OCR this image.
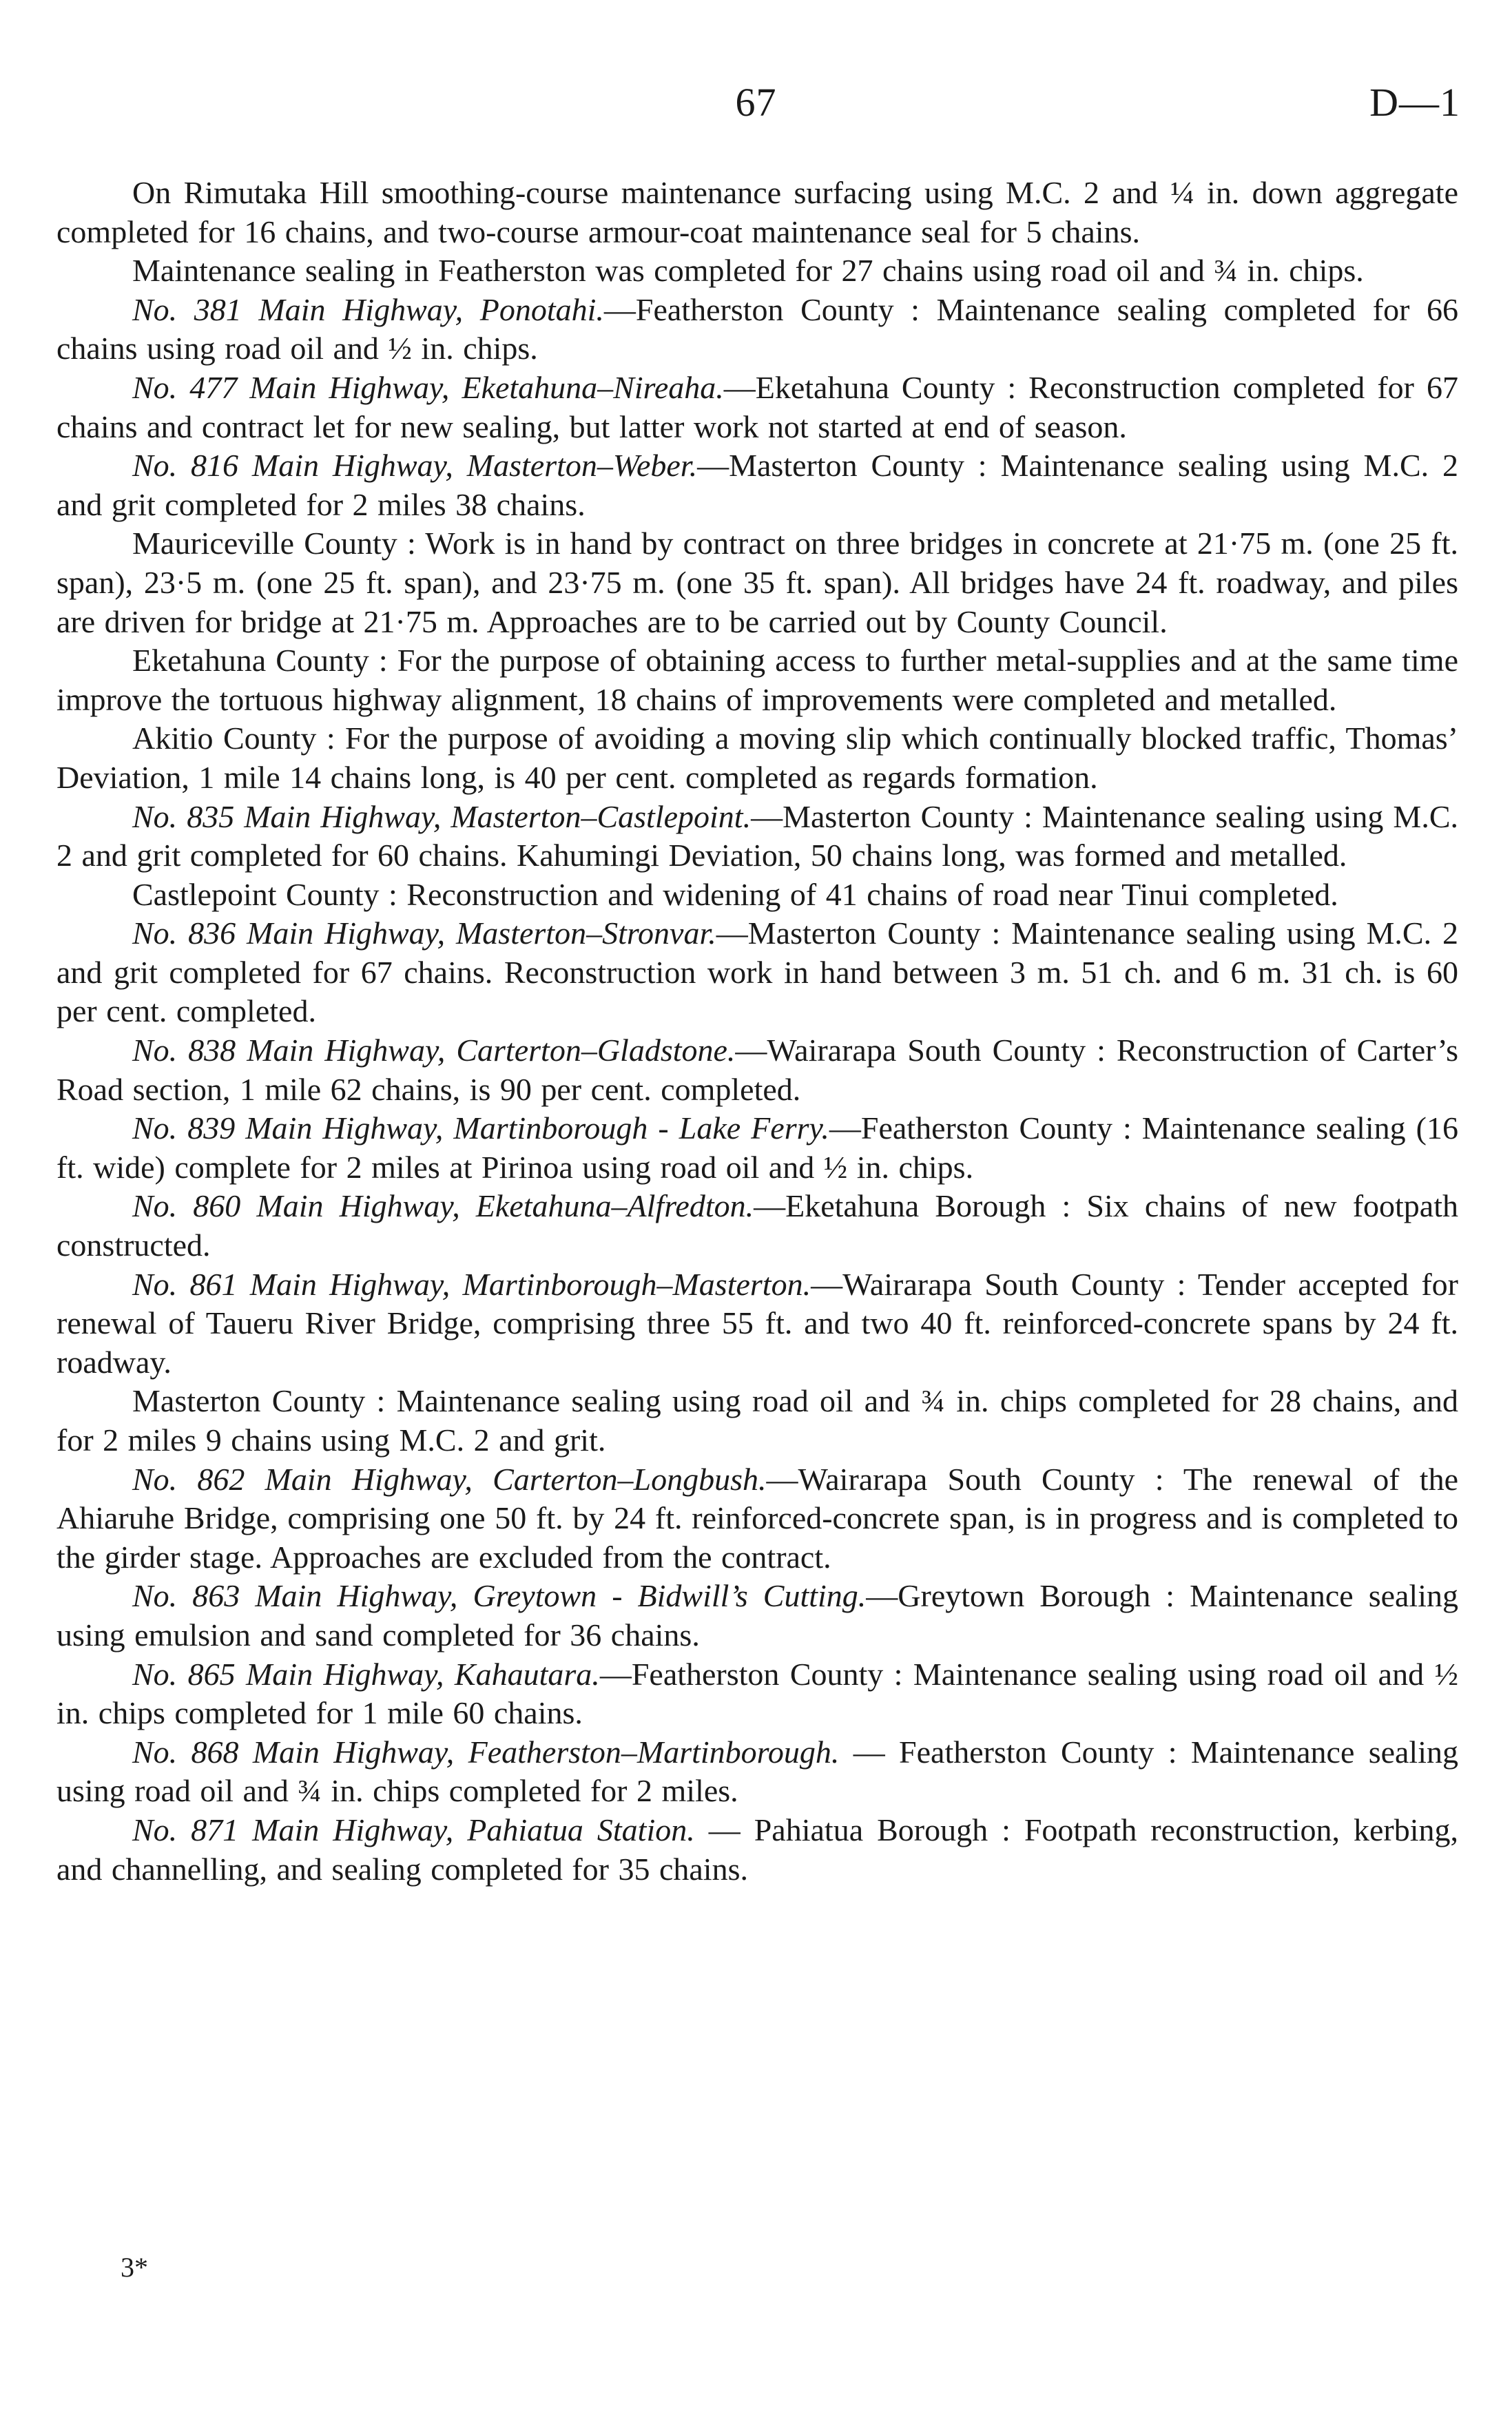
67	D—1

On Rimutaka Hill smoothing-course maintenance surfacing using M.C. 2 and ¼ in. down aggregate completed for 16 chains, and two-course armour-coat maintenance seal for 5 chains.

Maintenance sealing in Featherston was completed for 27 chains using road oil and ¾ in. chips.

No. 381 Main Highway, Ponotahi.—Featherston County : Maintenance sealing completed for 66 chains using road oil and ½ in. chips.

No. 477 Main Highway, Eketahuna–Nireaha.—Eketahuna County : Reconstruction completed for 67 chains and contract let for new sealing, but latter work not started at end of season.

No. 816 Main Highway, Masterton–Weber.—Masterton County : Maintenance sealing using M.C. 2 and grit completed for 2 miles 38 chains.

Mauriceville County : Work is in hand by contract on three bridges in concrete at 21·75 m. (one 25 ft. span), 23·5 m. (one 25 ft. span), and 23·75 m. (one 35 ft. span). All bridges have 24 ft. roadway, and piles are driven for bridge at 21·75 m. Approaches are to be carried out by County Council.

Eketahuna County : For the purpose of obtaining access to further metal-supplies and at the same time improve the tortuous highway alignment, 18 chains of improvements were completed and metalled.

Akitio County : For the purpose of avoiding a moving slip which continually blocked traffic, Thomas’ Deviation, 1 mile 14 chains long, is 40 per cent. completed as regards formation.

No. 835 Main Highway, Masterton–Castlepoint.—Masterton County : Maintenance sealing using M.C. 2 and grit completed for 60 chains. Kahumingi Deviation, 50 chains long, was formed and metalled.

Castlepoint County : Reconstruction and widening of 41 chains of road near Tinui completed.

No. 836 Main Highway, Masterton–Stronvar.—Masterton County : Maintenance sealing using M.C. 2 and grit completed for 67 chains. Reconstruction work in hand between 3 m. 51 ch. and 6 m. 31 ch. is 60 per cent. completed.

No. 838 Main Highway, Carterton–Gladstone.—Wairarapa South County : Reconstruction of Carter’s Road section, 1 mile 62 chains, is 90 per cent. completed.

No. 839 Main Highway, Martinborough - Lake Ferry.—Featherston County : Maintenance sealing (16 ft. wide) complete for 2 miles at Pirinoa using road oil and ½ in. chips.

No. 860 Main Highway, Eketahuna–Alfredton.—Eketahuna Borough : Six chains of new footpath constructed.

No. 861 Main Highway, Martinborough–Masterton.—Wairarapa South County : Tender accepted for renewal of Taueru River Bridge, comprising three 55 ft. and two 40 ft. reinforced-concrete spans by 24 ft. roadway.

Masterton County : Maintenance sealing using road oil and ¾ in. chips completed for 28 chains, and for 2 miles 9 chains using M.C. 2 and grit.

No. 862 Main Highway, Carterton–Longbush.—Wairarapa South County : The renewal of the Ahiaruhe Bridge, comprising one 50 ft. by 24 ft. reinforced-concrete span, is in progress and is completed to the girder stage. Approaches are excluded from the contract.

No. 863 Main Highway, Greytown - Bidwill’s Cutting.—Greytown Borough : Maintenance sealing using emulsion and sand completed for 36 chains.

No. 865 Main Highway, Kahautara.—Featherston County : Maintenance sealing using road oil and ½ in. chips completed for 1 mile 60 chains.

No. 868 Main Highway, Featherston–Martinborough. — Featherston County : Maintenance sealing using road oil and ¾ in. chips completed for 2 miles.

No. 871 Main Highway, Pahiatua Station. — Pahiatua Borough : Footpath reconstruction, kerbing, and channelling, and sealing completed for 35 chains.

3*
